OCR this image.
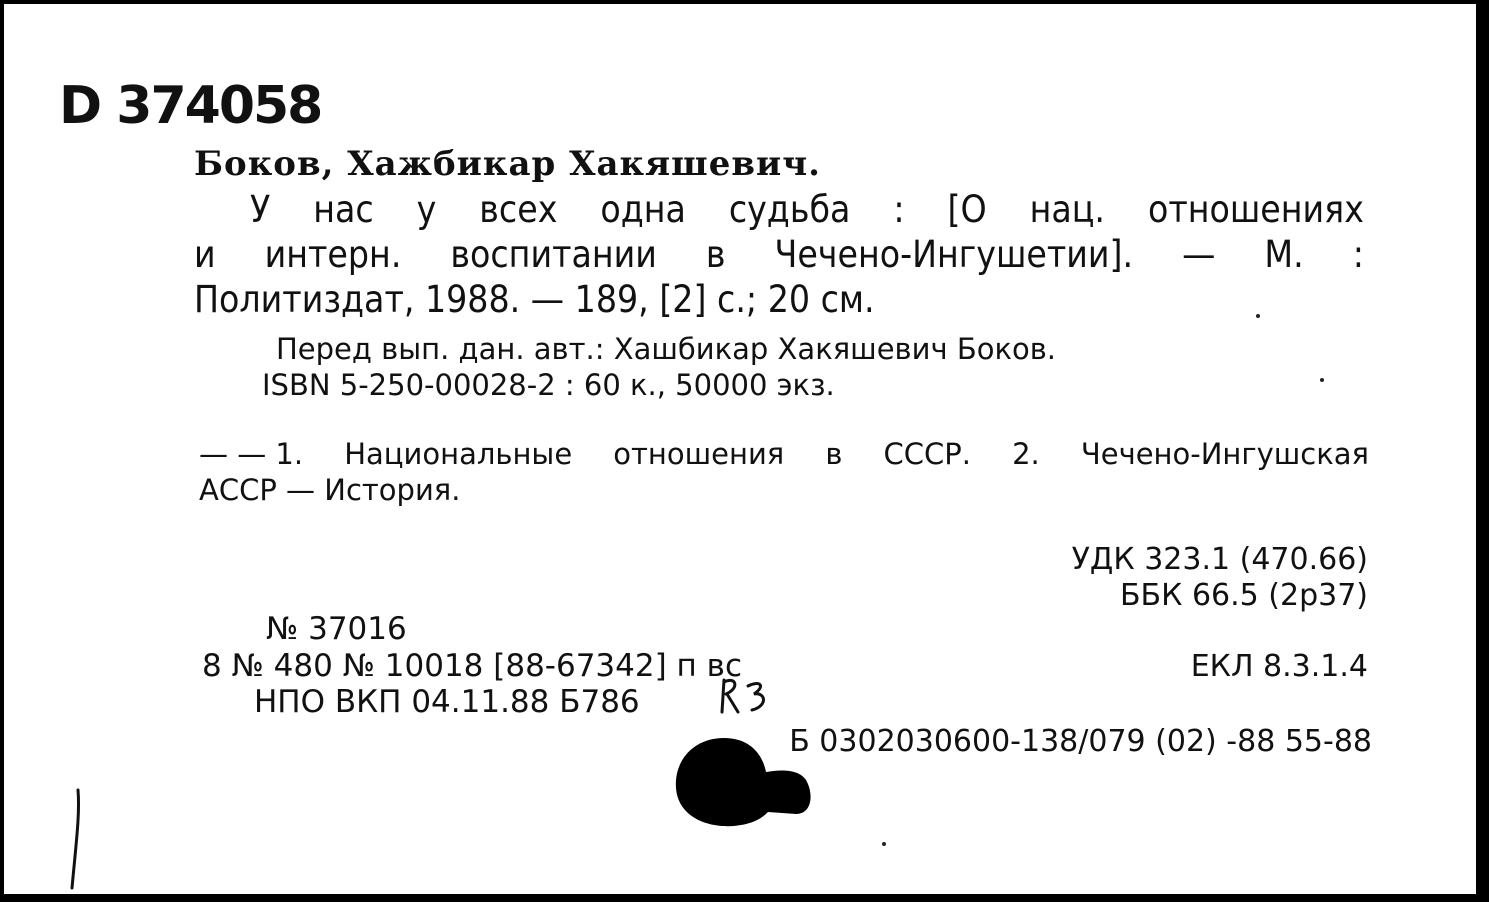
D 374058
Боков, Хажбикар Хакяшевич.
У нас у всех одна судьба : [О нац. отношениях
и интерн. воспитании в Чечено-Ингушетии]. — М. :
Политиздат, 1988. — 189, [2] с.; 20 см.
Перед вып. дан. авт.: Хашбикар Хакяшевич Боков.
ISBN 5-250-00028-2 : 60 к., 50000 экз.
— — 1. Национальные отношения в СССР. 2. Чечено-Ингушская
АССР — История.
УДК 323.1 (470.66)
ББК 66.5 (2р37)
№ 37016
8 № 480 № 10018 [88-67342] п вс
НПО ВКП 04.11.88 Б786
ЕКЛ 8.3.1.4
Б 0302030600-138/079 (02) -88 55-88
